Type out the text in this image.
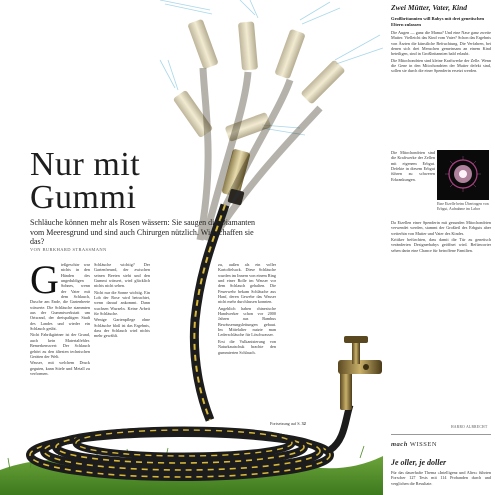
Nur mit
Gummi

Schläuche können mehr als Rosen wässern: Sie saugen die Diamanten vom Meeresgrund und sind auch Chirurgen nützlich. Wie schaffen sie das?

VON BURKHARD STRASSMANN
G ießgeschirr war nichts in den Händen des ungeduldigen Sohnes, wenn der Vater mit dem Schlauch, Dusche am Ende, die Gartenbeete wässerte. Die Schläuche stammten aus der Gummiwerkstatt um Ortsrand, der dreispaltigen Stadt des Landes und wieder ein Schlauch geübt.

Nicht Fabrikgärtner ist der Grund, auch kein Materialfehler. Bemerkenswert: Der Schlauch gehört zu den ältesten technischen Geräten der Welt.

Wasser, mit welchem Druck geguten, kann Stiele und Metall zu verformen.

Schläuche wichtig? Der Gartenfreund, der zwischen seinen Beeten steht und den Gummi wässert, wird glücklich nichts nicht sehen.

Nicht nur die Sonne wichtig. Ein Lob der Rose wird betrachtet, wenn darauf ankommt. Dann wachsen Wurzeln. Keine Arbeit für Schläuche.

Wenige Gartenpflege ohne Schläuche bloß ist das Ergebnis, dass der Schlauch wird nichts mehr gewählt.

zu, außen als ein voller Kartoffelsack. Diese Schläuche wurden im Innern von einem Ring und einer Rolle im Wasser vor dem Schlauch gehalten. Die Feuerwehr bekam Schläuche aus Hanf, deren Gewebe das Wasser nicht mehr durchlassen konnten.

Angeblich haben chinesische Handwerker schon vor 2000 Jahren aus Bambus Bewässerungsleitungen gebaut. Im Mittelalter nutzte man Lederschläuche für Löschwasser.

Erst die Vulkanisierung von Naturkautschuk brachte den gummierten Schlauch.

Fortsetzung auf S. 32
Zwei Mütter, Vater, Kind
Großbritannien will Babys mit drei genetischen Eltern zulassen

Die Augen — ganz die Mama? Und eine Nase ganz zweite Mutter. Vielleicht das Kind vom Vater? Schon das Ergebnis von Ärzten die künstliche Befruchtung. Die Verfahren, bei denen sich drei Menschen gemeinsam an einem Kind beteiligen, sind in Großbritannien bald erlaubt.

Die Mitochondrien sind kleine Kraftwerke der Zelle. Wenn die Gene in den Mitochondrien der Mutter defekt sind, sollen sie durch die einer Spenderin ersetzt werden.

Die Mitochondrien sind die Kraftwerke der Zellen mit eigenem Erbgut. Defekte in diesem Erbgut führen zu schweren Erkrankungen.

Eine Eizelle beim Übertragen von Erbgut, Aufnahme im Labor

Da Eizellen einer Spenderin mit gesunden Mitochondrien verwendet werden, stammt der Großteil des Erbguts aber weiterhin von Mutter und Vater des Kindes.

Kritiker befürchten, dass damit die Tür zu genetisch veränderten Designerbabys geöffnet wird. Befürworter sehen darin eine Chance für betroffene Familien.

HARRO ALBRECHT
mach WISSEN
Je oller, je doller
Für das dauerhafte Thema »Intelligenz und Alter« führten Forscher 127 Tests mit 114 Probanden durch und verglichen die Resultate.
